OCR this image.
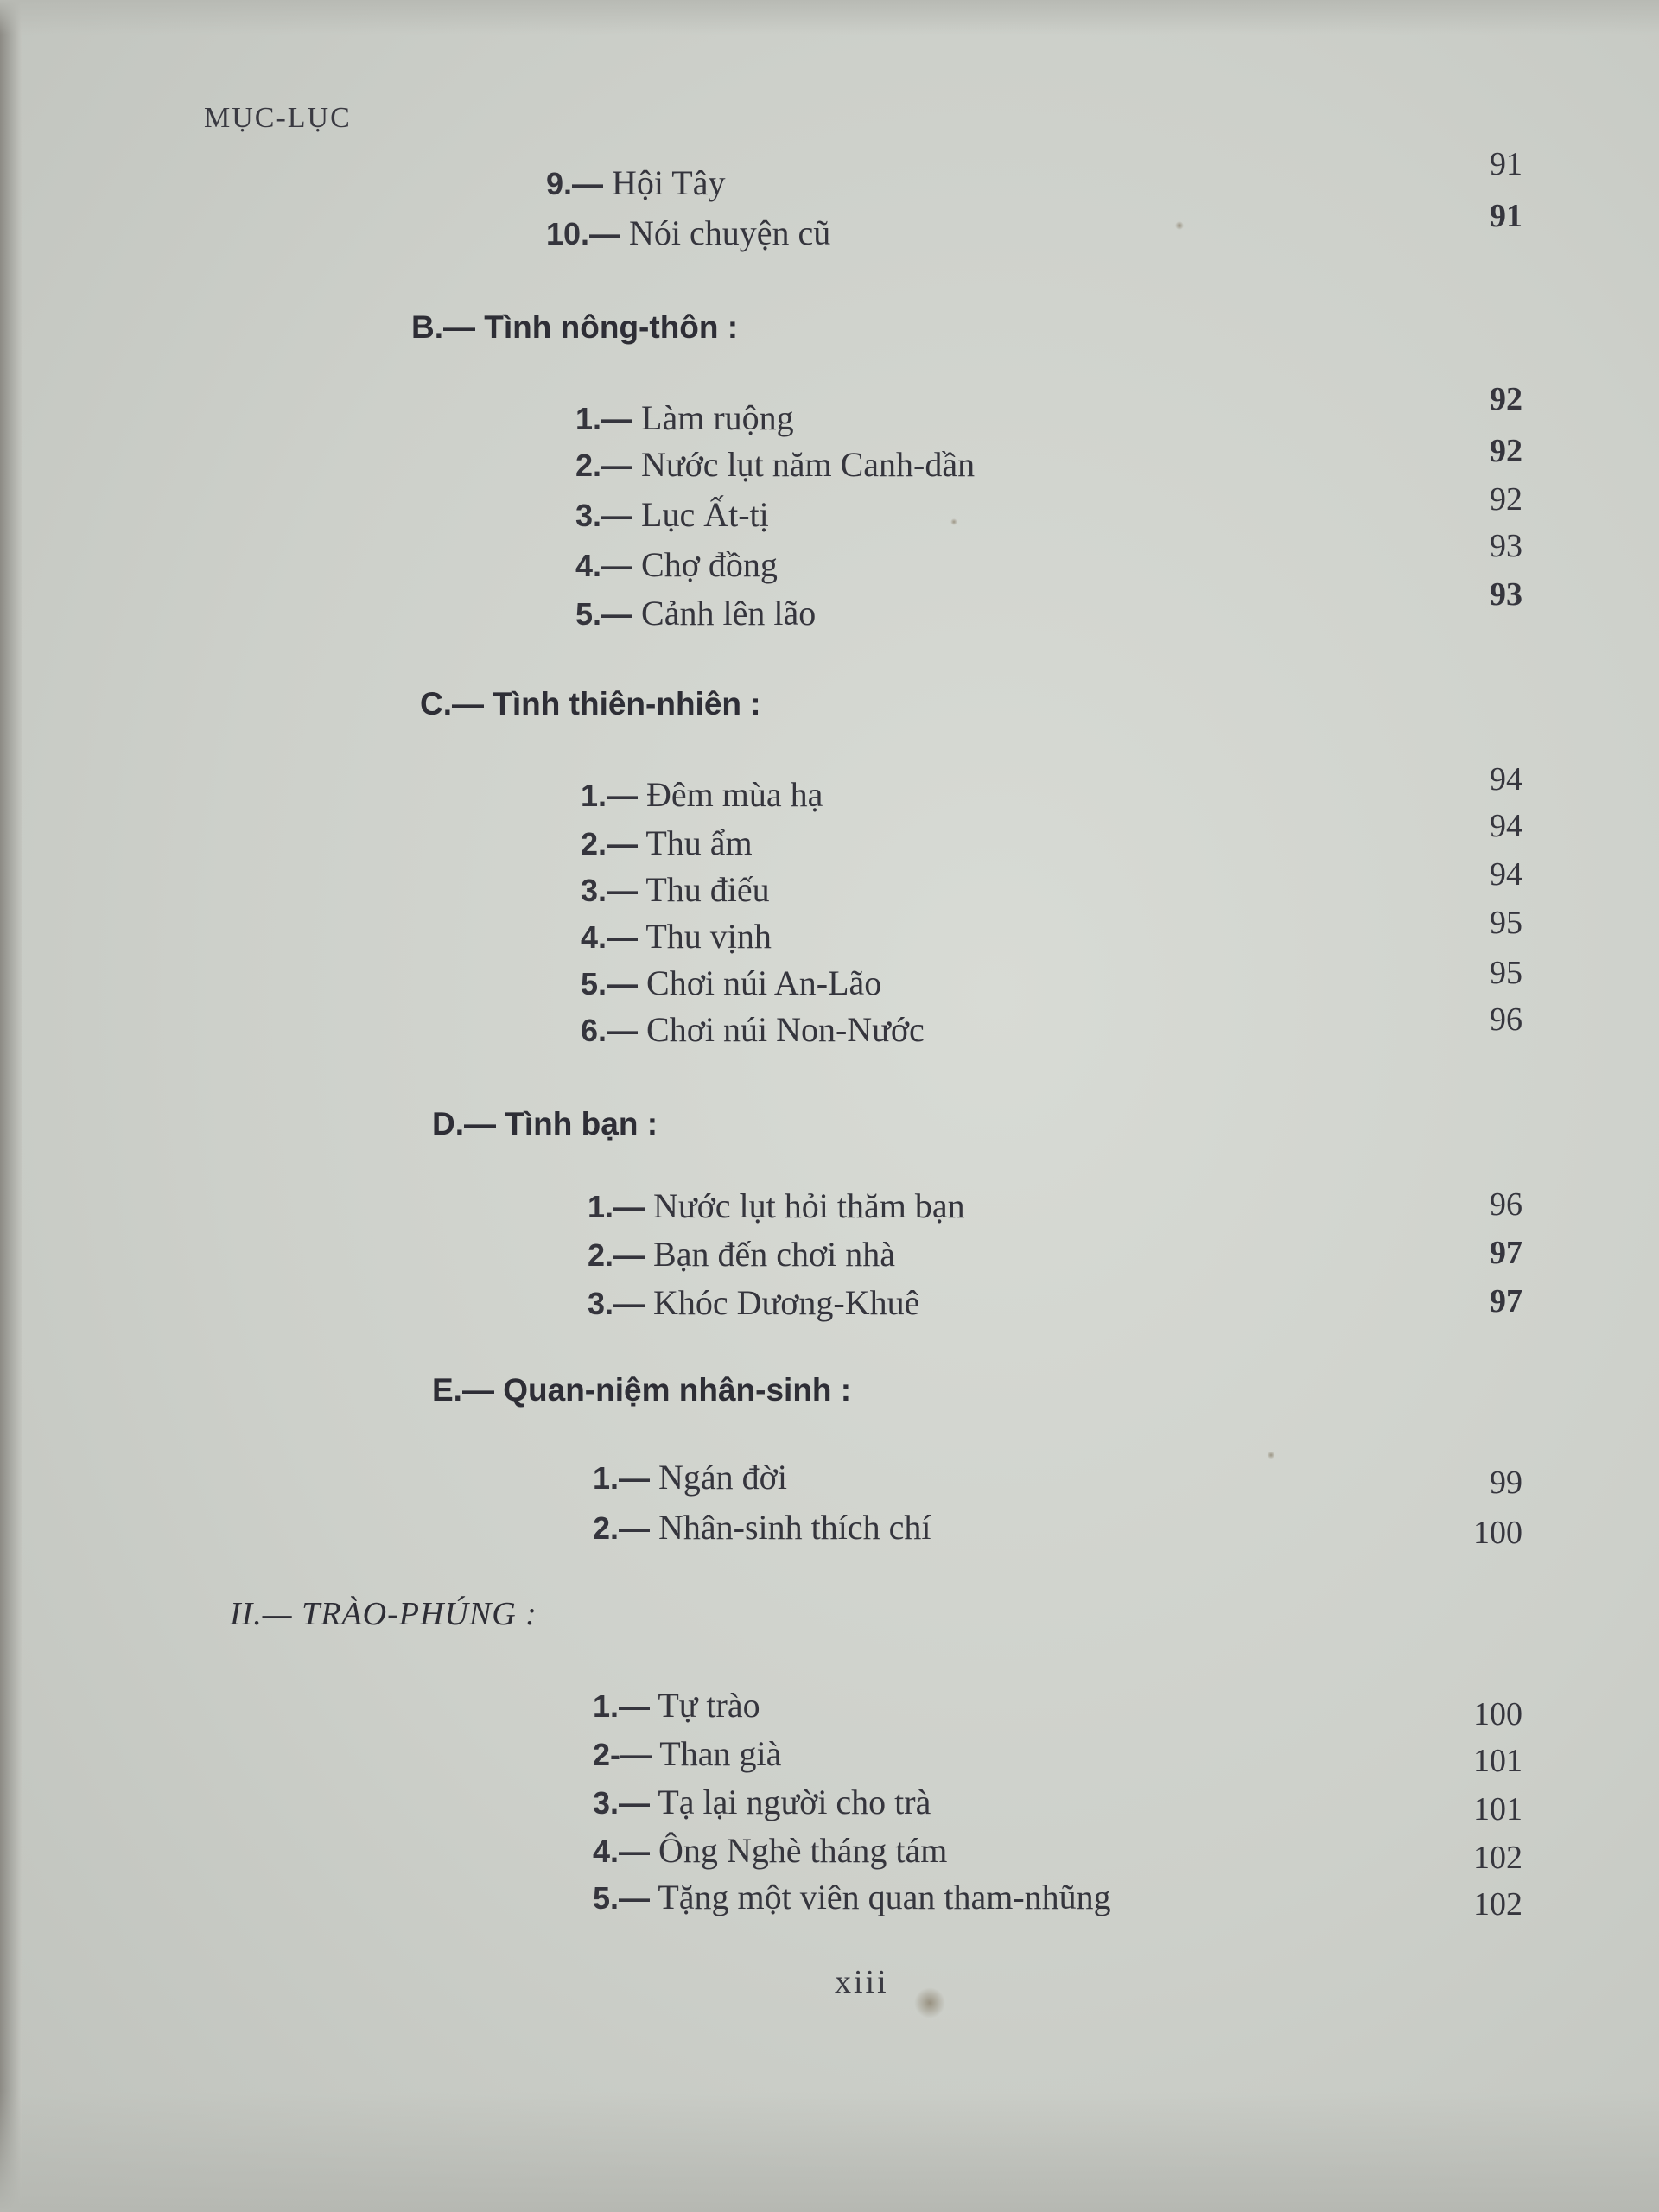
MỤC-LỤC
9.— Hội Tây	91
10.— Nói chuyện cũ	91
B.— Tình nông-thôn :
1.— Làm ruộng	92
2.— Nước lụt năm Canh-dần	92
3.— Lục Ất-tị	92
4.— Chợ đồng	93
5.— Cảnh lên lão	93
C.— Tình thiên-nhiên :
1.— Đêm mùa hạ	94
2.— Thu ẩm	94
3.— Thu điếu	94
4.— Thu vịnh	95
5.— Chơi núi An-Lão	95
6.— Chơi núi Non-Nước	96
D.— Tình bạn :
1.— Nước lụt hỏi thăm bạn	96
2.— Bạn đến chơi nhà	97
3.— Khóc Dương-Khuê	97
E.— Quan-niệm nhân-sinh :
1.— Ngán đời	99
2.— Nhân-sinh thích chí	100
II.— TRÀO-PHÚNG :
1.— Tự trào	100
2-— Than già	101
3.— Tạ lại người cho trà	101
4.— Ông Nghè tháng tám	102
5.— Tặng một viên quan tham-nhũng	102
xiii
